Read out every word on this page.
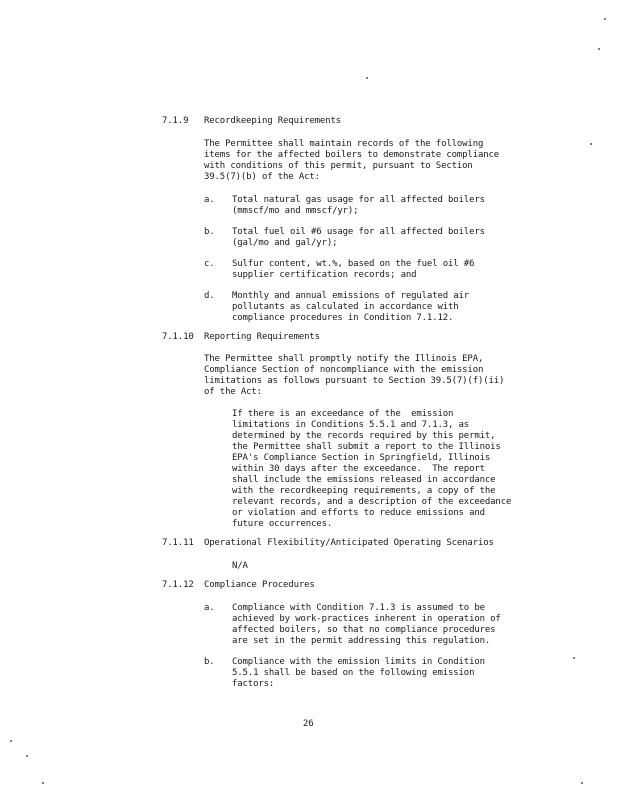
7.1.9 Recordkeeping Requirements
The Permittee shall maintain records of the following
items for the affected boilers to demonstrate compliance
with conditions of this permit, pursuant to Section
39.5(7)(b) of the Act:
a. Total natural gas usage for all affected boilers
(mmscf/mo and mmscf/yr);
b. Total fuel oil #6 usage for all affected boilers
(gal/mo and gal/yr);
c. Sulfur content, wt.%, based on the fuel oil #6
supplier certification records; and
d. Monthly and annual emissions of regulated air
pollutants as calculated in accordance with
compliance procedures in Condition 7.1.12.
7.1.10 Reporting Requirements
The Permittee shall promptly notify the Illinois EPA,
Compliance Section of noncompliance with the emission
limitations as follows pursuant to Section 39.5(7)(f)(ii)
of the Act:
If there is an exceedance of the  emission
limitations in Conditions 5.5.1 and 7.1.3, as
determined by the records required by this permit,
the Permittee shall submit a report to the Illinois
EPA's Compliance Section in Springfield, Illinois
within 30 days after the exceedance.  The report
shall include the emissions released in accordance
with the recordkeeping requirements, a copy of the
relevant records, and a description of the exceedance
or violation and efforts to reduce emissions and
future occurrences.
7.1.11 Operational Flexibility/Anticipated Operating Scenarios
N/A
7.1.12 Compliance Procedures
a. Compliance with Condition 7.1.3 is assumed to be
achieved by work-practices inherent in operation of
affected boilers, so that no compliance procedures
are set in the permit addressing this regulation.
b. Compliance with the emission limits in Condition
5.5.1 shall be based on the following emission
factors:
26
